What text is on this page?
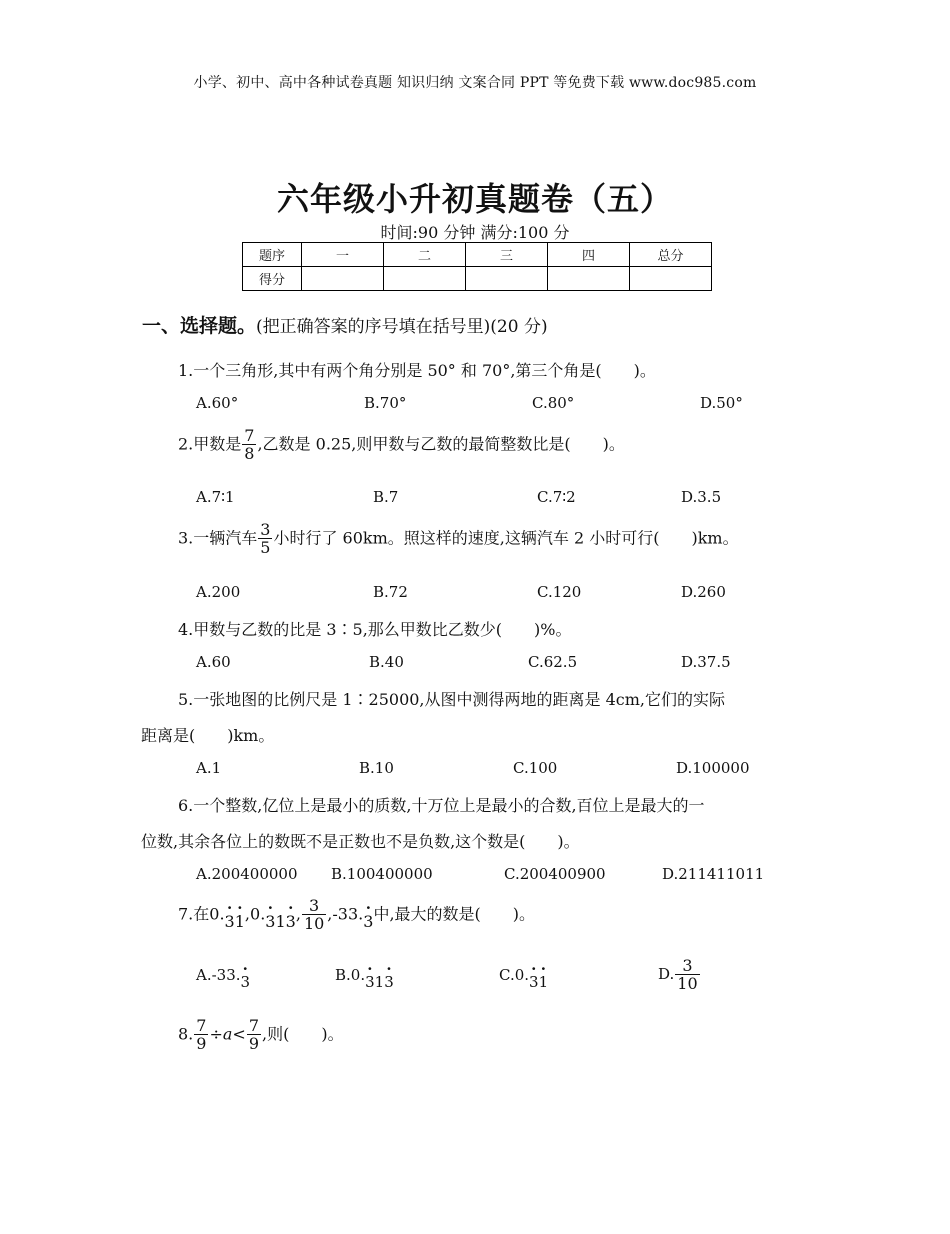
小学、初中、高中各种试卷真题 知识归纳 文案合同 PPT 等免费下载 www.doc985.com
六年级小升初真题卷（五）
时间:90 分钟 满分:100 分
题序	一	二	三	四	总分
得分					
一、选择题。(把正确答案的序号填在括号里)(20 分)
1.一个三角形,其中有两个角分别是 50° 和 70°,第三个角是(　　)。
A.60°	B.70°	C.80°	D.50°
2.甲数是 $\frac{7}{8}$ ,乙数是 0.25,则甲数与乙数的最简整数比是(　　)。
A.7∶1	B.7	C.7∶2	D.3.5
3.一辆汽车 $\frac{3}{5}$ 小时行了 60km。照这样的速度,这辆汽车 2 小时可行(　　)km。
A.200	B.72	C.120	D.260
4.甲数与乙数的比是 3∶5,那么甲数比乙数少(　　)%。
A.60	B.40	C.62.5	D.37.5
5.一张地图的比例尺是 1∶25000,从图中测得两地的距离是 4cm,它们的实际
距离是(　　)km。
A.1	B.10	C.100	D.100000
6.一个整数,亿位上是最小的质数,十万位上是最小的合数,百位上是最大的一
位数,其余各位上的数既不是正数也不是负数,这个数是(　　)。
A.200400000 B.100400000	C.200400900	D.211411011
7.在0.· 3· 1,0.· 31· 3, $\frac{3}{10} ,-33.\cdot 3$中,最大的数是(　　)。
A.-33.· 3	B.0.· 31· 3	C.0.· 3· 1	D. $\frac{3}{10}$
8. $\frac{7}{9} \div a< \frac{7}{9}$ ,则(　　)。
